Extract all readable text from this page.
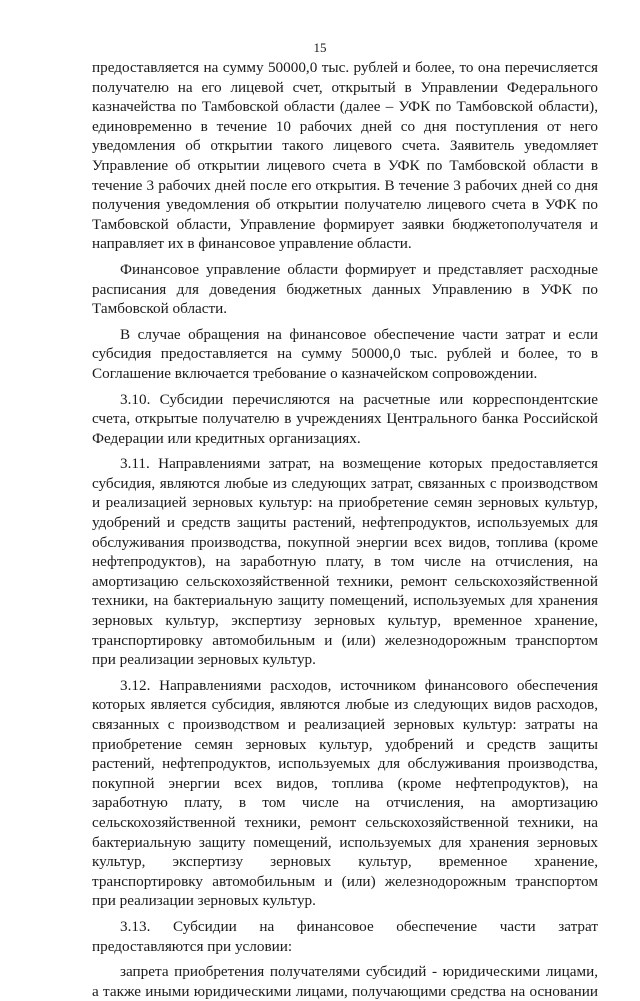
15
предоставляется на сумму 50000,0 тыс. рублей и более, то она перечисляется
получателю на его лицевой счет, открытый в Управлении Федерального
казначейства по Тамбовской области (далее – УФК по Тамбовской области),
единовременно в течение 10 рабочих дней со дня поступления от него
уведомления об открытии такого лицевого счета. Заявитель уведомляет
Управление об открытии лицевого счета в УФК по Тамбовской области в
течение 3 рабочих дней после его открытия. В течение 3 рабочих дней со дня
получения уведомления об открытии получателю лицевого счета в УФК по
Тамбовской области, Управление формирует заявки бюджетополучателя и
направляет их в финансовое управление области.
Финансовое управление области формирует и представляет расходные
расписания для доведения бюджетных данных Управлению в УФК по
Тамбовской области.
В случае обращения на финансовое обеспечение части затрат и если
субсидия предоставляется на сумму 50000,0 тыс. рублей и более, то в
Соглашение включается требование о казначейском сопровождении.
3.10. Субсидии перечисляются на расчетные или корреспондентские
счета, открытые получателю в учреждениях Центрального банка Российской
Федерации или кредитных организациях.
3.11. Направлениями затрат, на возмещение которых предоставляется
субсидия, являются любые из следующих затрат, связанных с производством
и реализацией зерновых культур: на приобретение семян зерновых культур,
удобрений и средств защиты растений, нефтепродуктов, используемых для
обслуживания производства, покупной энергии всех видов, топлива (кроме
нефтепродуктов), на заработную плату, в том числе на отчисления, на
амортизацию сельскохозяйственной техники, ремонт сельскохозяйственной
техники, на бактериальную защиту помещений, используемых для хранения
зерновых культур, экспертизу зерновых культур, временное хранение,
транспортировку автомобильным и (или) железнодорожным транспортом
при реализации зерновых культур.
3.12. Направлениями расходов, источником финансового обеспечения
которых является субсидия, являются любые из следующих видов расходов,
связанных с производством и реализацией зерновых культур: затраты на
приобретение семян зерновых культур, удобрений и средств защиты
растений, нефтепродуктов, используемых для обслуживания производства,
покупной энергии всех видов, топлива (кроме нефтепродуктов), на
заработную плату, в том числе на отчисления, на амортизацию
сельскохозяйственной техники, ремонт сельскохозяйственной техники, на
бактериальную защиту помещений, используемых для хранения зерновых
культур, экспертизу зерновых культур, временное хранение,
транспортировку автомобильным и (или) железнодорожным транспортом
при реализации зерновых культур.
3.13. Субсидии на финансовое обеспечение части затрат
предоставляются при условии:
запрета приобретения получателями субсидий - юридическими лицами,
а также иными юридическими лицами, получающими средства на основании
